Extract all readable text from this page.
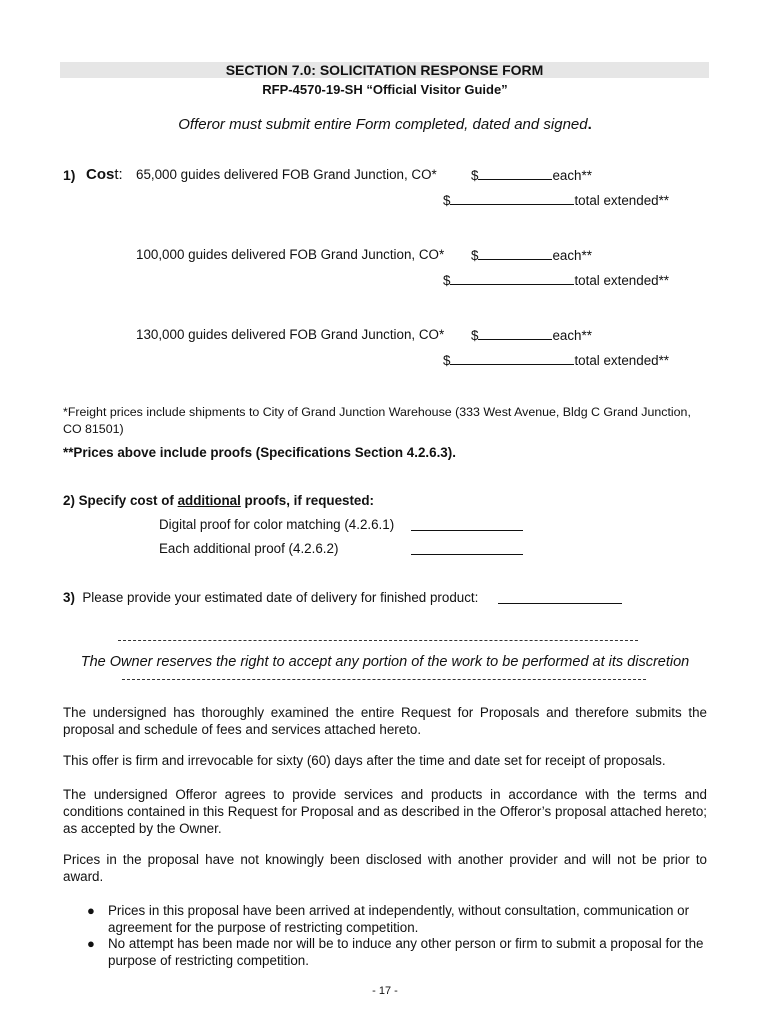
SECTION 7.0: SOLICITATION RESPONSE FORM
RFP-4570-19-SH “Official Visitor Guide”
Offeror must submit entire Form completed, dated and signed.
1) Cost: 65,000 guides delivered FOB Grand Junction, CO*	$	each**
$	total extended**
100,000 guides delivered FOB Grand Junction, CO* $	each**
$	total extended**
130,000 guides delivered FOB Grand Junction, CO* $	each**
$	total extended**
*Freight prices include shipments to City of Grand Junction Warehouse (333 West Avenue, Bldg C Grand Junction, CO 81501)
**Prices above include proofs (Specifications Section 4.2.6.3).
2) Specify cost of additional proofs, if requested:
Digital proof for color matching (4.2.6.1)
Each additional proof (4.2.6.2)
3) Please provide your estimated date of delivery for finished product:
The Owner reserves the right to accept any portion of the work to be performed at its discretion
The undersigned has thoroughly examined the entire Request for Proposals and therefore submits the proposal and schedule of fees and services attached hereto.
This offer is firm and irrevocable for sixty (60) days after the time and date set for receipt of proposals.
The undersigned Offeror agrees to provide services and products in accordance with the terms and conditions contained in this Request for Proposal and as described in the Offeror’s proposal attached hereto; as accepted by the Owner.
Prices in the proposal have not knowingly been disclosed with another provider and will not be prior to award.
● Prices in this proposal have been arrived at independently, without consultation, communication or agreement for the purpose of restricting competition.
● No attempt has been made nor will be to induce any other person or firm to submit a proposal for the purpose of restricting competition.
- 17 -
